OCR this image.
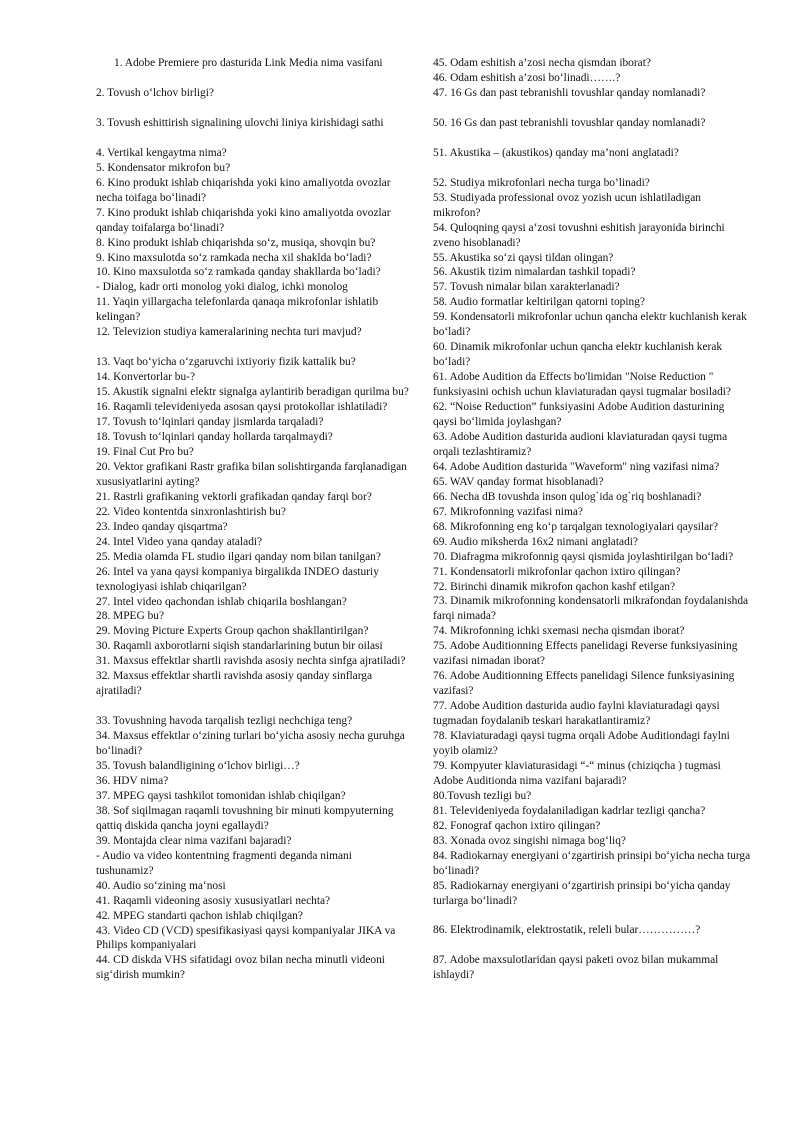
1. Adobe Premiere pro dasturida Link Media nima vasifani

2. Tovush o‘lchov birligi?

3. Tovush eshittirish signalining ulovchi liniya kirishidagi sathi

4. Vertikal kengaytma nima?

5. Kondensator mikrofon bu?

6. Kino produkt ishlab chiqarishda yoki kino amaliyotda ovozlar necha toifaga bo‘linadi?

7. Kino produkt ishlab chiqarishda yoki kino amaliyotda ovozlar qanday toifalarga bo‘linadi?

8. Kino produkt ishlab chiqarishda so‘z, musiqa, shovqin bu?

9. Kino maxsulotda so‘z ramkada necha xil shaklda bo‘ladi?

10. Kino maxsulotda so‘z ramkada qanday shakllarda bo‘ladi?

- Dialog, kadr orti monolog yoki dialog, ichki monolog

11. Yaqin yillargacha telefonlarda qanaqa mikrofonlar ishlatib kelingan?

12. Televizion studiya kameralarining nechta turi mavjud?

13. Vaqt bo‘yicha o‘zgaruvchi ixtiyoriy fizik kattalik bu?

14. Konvertorlar bu-?

15. Akustik signalni elektr signalga aylantirib beradigan qurilma bu?

16. Raqamli televideniyeda asosan qaysi protokollar ishlatiladi?

17. Tovush to‘lqinlari qanday jismlarda tarqaladi?

18. Tovush to‘lqinlari qanday hollarda tarqalmaydi?

19. Final Cut Pro bu?

20. Vektor grafikani Rastr grafika bilan solishtirganda farqlanadigan xususiyatlarini ayting?

21. Rastrli grafikaning vektorli grafikadan qanday farqi bor?

22. Video kontentda sinxronlashtirish bu?

23. Indeo qanday qisqartma?

24. Intel Video yana qanday ataladi?

25. Media olamda FL studio ilgari qanday nom bilan tanilgan?

26. Intel va yana qaysi kompaniya birgalikda INDEO dasturiy texnologiyasi ishlab chiqarilgan?

27. Intel video qachondan ishlab chiqarila boshlangan?

28. MPEG bu?

29. Moving Picture Experts Group qachon shakllantirilgan?

30. Raqamli axborotlarni siqish standarlarining butun bir oilasi

31. Maxsus effektlar shartli ravishda asosiy nechta sinfga ajratiladi?

32. Maxsus effektlar shartli ravishda asosiy qanday sinflarga ajratiladi?

33. Tovushning havoda tarqalish tezligi nechchiga teng?

34. Maxsus effektlar o‘zining turlari bo‘yicha asosiy necha guruhga bo‘linadi?

35. Tovush balandligining o‘lchov birligi…?

36. HDV nima?

37. MPEG qaysi tashkilot tomonidan ishlab chiqilgan?

38. Sof siqilmagan raqamli tovushning bir minuti kompyuterning qattiq diskida qancha joyni egallaydi?

39. Montajda clear nima vazifani bajaradi?

- Audio va video kontentning fragmenti deganda nimani tushunamiz?

40. Audio so‘zining ma‘nosi

41. Raqamli videoning asosiy xususiyatlari nechta?

42. MPEG standarti qachon ishlab chiqilgan?

43. Video CD (VCD) spesifikasiyasi qaysi kompaniyalar JIKA va Philips kompaniyalari

44. CD diskda VHS sifatidagi ovoz bilan necha minutli videoni sig‘dirish mumkin?

45. Odam eshitish a’zosi necha qismdan iborat?

46. Odam eshitish a’zosi bo‘linadi…….?

47. 16 Gs dan past tebranishli tovushlar qanday nomlanadi?

50. 16 Gs dan past tebranishli tovushlar qanday nomlanadi?

51. Akustika – (akustikos) qanday ma’noni anglatadi?

52. Studiya mikrofonlari necha turga bo’linadi?

53. Studiyada professional ovoz yozish ucun ishlatiladigan mikrofon?

54. Quloqning qaysi a‘zosi tovushni eshitish jarayonida birinchi zveno hisoblanadi?

55. Akustika so‘zi qaysi tildan olingan?

56. Akustik tizim nimalardan tashkil topadi?

57. Tovush nimalar bilan xarakterlanadi?

58. Audio formatlar keltirilgan qatorni toping?

59. Kondensatorli mikrofonlar uchun qancha elektr kuchlanish kerak bo‘ladi?

60. Dinamik mikrofonlar uchun qancha elektr kuchlanish kerak bo‘ladi?

61. Adobe Audition da Effects bo'limidan "Noise Reduction " funksiyasini ochish uchun klaviaturadan qaysi tugmalar bosiladi?

62. “Noise Reduction” funksiyasini Adobe Audition dasturining qaysi bo‘limida joylashgan?

63. Adobe Audition dasturida audioni klaviaturadan qaysi tugma orqali tezlashtiramiz?

64. Adobe Audition dasturida "Waveform" ning vazifasi nima?

65. WAV qanday format hisoblanadi?

66. Necha dB tovushda inson qulog`ida og`riq boshlanadi?

67. Mikrofonning vazifasi nima?

68. Mikrofonning eng ko‘p tarqalgan texnologiyalari qaysilar?

69. Audio miksherda 16x2 nimani anglatadi?

70. Diafragma mikrofonnig qaysi qismida joylashtirilgan bo‘ladi?

71. Kondensatorli mikrofonlar qachon ixtiro qilingan?

72. Birinchi dinamik mikrofon qachon kashf etilgan?

73. Dinamik mikrofonning kondensatorli mikrafondan foydalanishda farqi nimada?

74. Mikrofonning ichki sxemasi necha qismdan iborat?

75. Adobe Auditionning Effects panelidagi Reverse funksiyasining vazifasi nimadan iborat?

76. Adobe Auditionning Effects panelidagi Silence funksiyasining vazifasi?

77. Adobe Audition dasturida audio faylni klaviaturadagi qaysi tugmadan foydalanib teskari harakatlantiramiz?

78. Klaviaturadagi qaysi tugma orqali Adobe Auditiondagi faylni yoyib olamiz?

79. Kompyuter klaviaturasidagi “-“ minus (chiziqcha ) tugmasi Adobe Auditionda nima vazifani bajaradi?

80.Tovush tezligi bu?

81. Televideniyeda foydalaniladigan kadrlar tezligi qancha?

82. Fonograf qachon ixtiro qilingan?

83. Xonada ovoz singishi nimaga bog‘liq?

84. Radiokarnay energiyani o‘zgartirish prinsipi bo‘yicha necha turga bo‘linadi?

85. Radiokarnay energiyani o‘zgartirish prinsipi bo‘yicha qanday turlarga bo‘linadi?

86. Elektrodinamik, elektrostatik, releli bular……………?

87. Adobe maxsulotlaridan qaysi paketi ovoz bilan mukammal ishlaydi?
